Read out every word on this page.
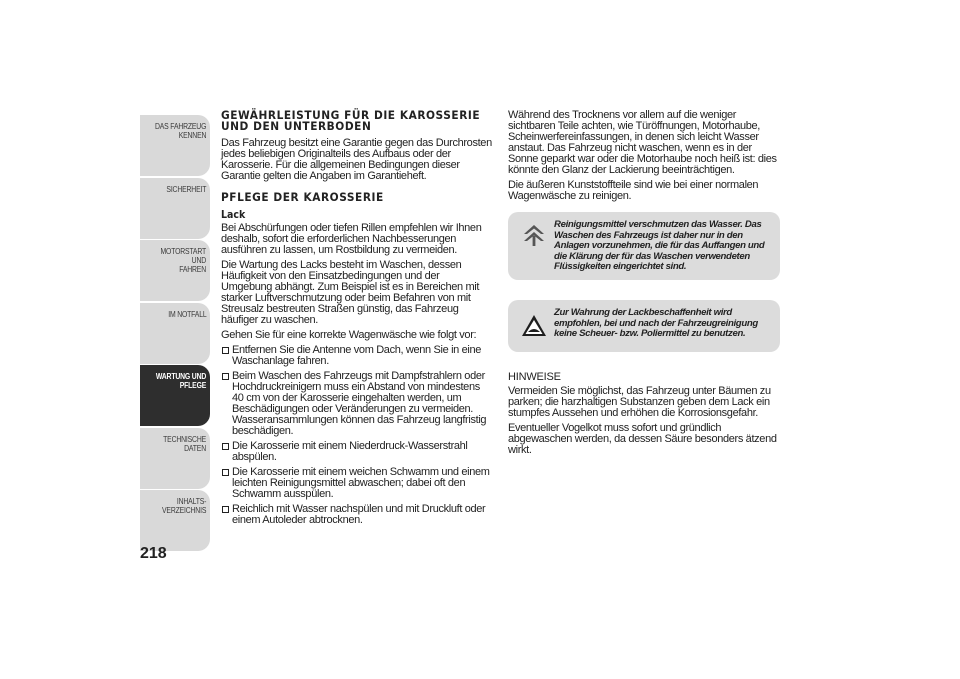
DAS FAHRZEUG
KENNEN
SICHERHEIT
MOTORSTART UND
FAHREN
IM NOTFALL
WARTUNG UND
PFLEGE
TECHNISCHE DATEN
INHALTS-
VERZEICHNIS
218
GEWÄHRLEISTUNG FÜR DIE KAROSSERIE UND DEN UNTERBODEN

Das Fahrzeug besitzt eine Garantie gegen das Durchrosten jedes beliebigen Originalteils des Aufbaus oder der Karosserie. Für die allgemeinen Bedingungen dieser Garantie gelten die Angaben im Garantieheft.

PFLEGE DER KAROSSERIE
Lack

Bei Abschürfungen oder tiefen Rillen empfehlen wir Ihnen deshalb, sofort die erforderlichen Nachbesserungen ausführen zu lassen, um Rostbildung zu vermeiden.

Die Wartung des Lacks besteht im Waschen, dessen Häufigkeit von den Einsatzbedingungen und der Umgebung abhängt. Zum Beispiel ist es in Bereichen mit starker Luftverschmutzung oder beim Befahren von mit Streusalz bestreuten Straßen günstig, das Fahrzeug häufiger zu waschen.

Gehen Sie für eine korrekte Wagenwäsche wie folgt vor:

Entfernen Sie die Antenne vom Dach, wenn Sie in eine Waschanlage fahren.
Beim Waschen des Fahrzeugs mit Dampfstrahlern oder Hochdruckreinigern muss ein Abstand von mindestens 40 cm von der Karosserie eingehalten werden, um Beschädigungen oder Veränderungen zu vermeiden. Wasseransammlungen können das Fahrzeug langfristig beschädigen.
Die Karosserie mit einem Niederdruck-Wasserstrahl abspülen.
Die Karosserie mit einem weichen Schwamm und einem leichten Reinigungsmittel abwaschen; dabei oft den Schwamm ausspülen.
Reichlich mit Wasser nachspülen und mit Druckluft oder einem Autoleder abtrocknen.

Während des Trocknens vor allem auf die weniger sichtbaren Teile achten, wie Türöffnungen, Motorhaube, Scheinwerfereinfassungen, in denen sich leicht Wasser anstaut. Das Fahrzeug nicht waschen, wenn es in der Sonne geparkt war oder die Motorhaube noch heiß ist: dies könnte den Glanz der Lackierung beeinträchtigen.

Die äußeren Kunststoffteile sind wie bei einer normalen Wagenwäsche zu reinigen.

Reinigungsmittel verschmutzen das Wasser. Das Waschen des Fahrzeugs ist daher nur in den Anlagen vorzunehmen, die für das Auffangen und die Klärung der für das Waschen verwendeten Flüssigkeiten eingerichtet sind.

Zur Wahrung der Lackbeschaffenheit wird empfohlen, bei und nach der Fahrzeugreinigung keine Scheuer- bzw. Poliermittel zu benutzen.

HINWEISE

Vermeiden Sie möglichst, das Fahrzeug unter Bäumen zu parken; die harzhaltigen Substanzen geben dem Lack ein stumpfes Aussehen und erhöhen die Korrosionsgefahr.

Eventueller Vogelkot muss sofort und gründlich abgewaschen werden, da dessen Säure besonders ätzend wirkt.
